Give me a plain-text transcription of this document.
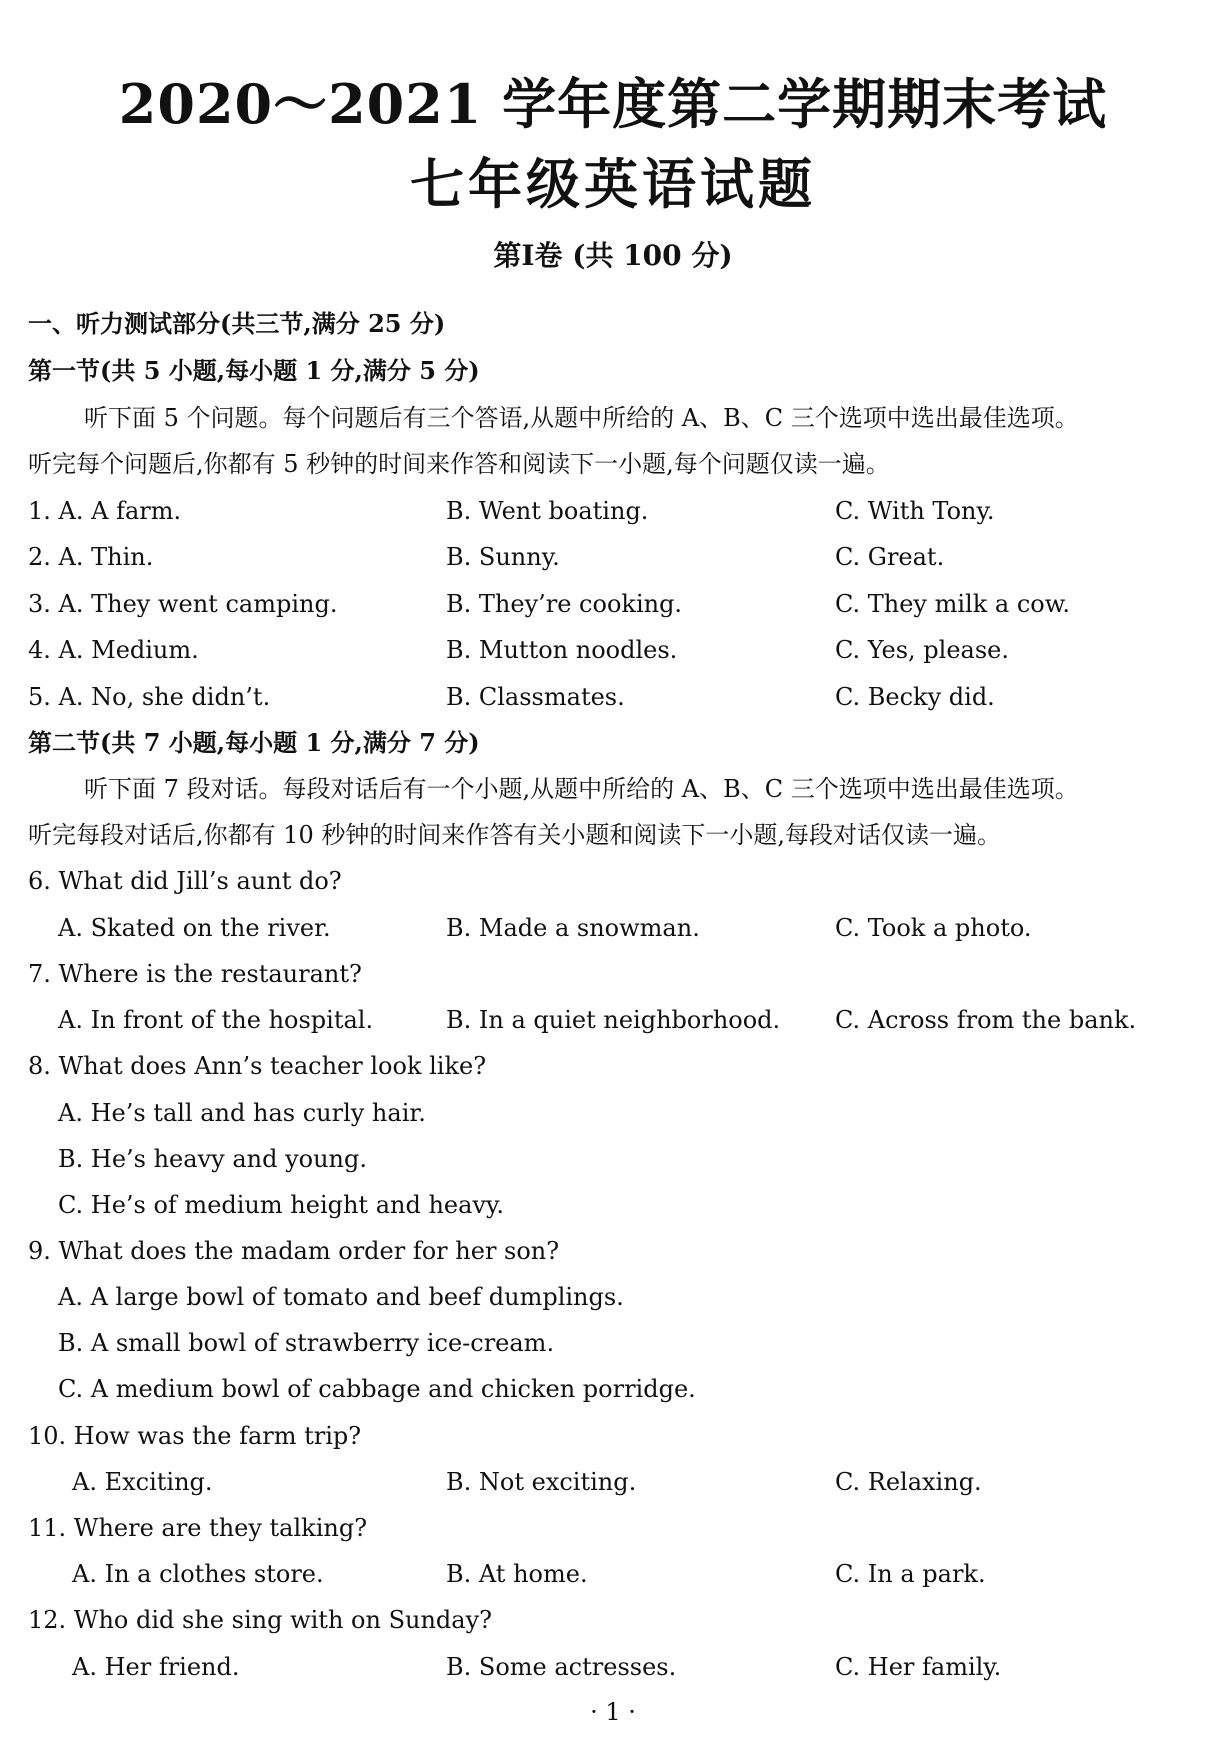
2020～2021 学年度第二学期期末考试
七年级英语试题
第Ⅰ卷 (共 100 分)
一、听力测试部分(共三节,满分 25 分)
第一节(共 5 小题,每小题 1 分,满分 5 分)
听下面 5 个问题。每个问题后有三个答语,从题中所给的 A、B、C 三个选项中选出最佳选项。
听完每个问题后,你都有 5 秒钟的时间来作答和阅读下一小题,每个问题仅读一遍。
1. A. A farm.	B. Went boating.	C. With Tony.
2. A. Thin.	B. Sunny.	C. Great.
3. A. They went camping.	B. They’re cooking.	C. They milk a cow.
4. A. Medium.	B. Mutton noodles.	C. Yes, please.
5. A. No, she didn’t.	B. Classmates.	C. Becky did.
第二节(共 7 小题,每小题 1 分,满分 7 分)
听下面 7 段对话。每段对话后有一个小题,从题中所给的 A、B、C 三个选项中选出最佳选项。
听完每段对话后,你都有 10 秒钟的时间来作答有关小题和阅读下一小题,每段对话仅读一遍。
6. What did Jill’s aunt do?
A. Skated on the river.	B. Made a snowman.	C. Took a photo.
7. Where is the restaurant?
A. In front of the hospital.	B. In a quiet neighborhood. C. Across from the bank.
8. What does Ann’s teacher look like?
A. He’s tall and has curly hair.
B. He’s heavy and young.
C. He’s of medium height and heavy.
9. What does the madam order for her son?
A. A large bowl of tomato and beef dumplings.
B. A small bowl of strawberry ice-cream.
C. A medium bowl of cabbage and chicken porridge.
10. How was the farm trip?
A. Exciting.	B. Not exciting.	C. Relaxing.
11. Where are they talking?
A. In a clothes store.	B. At home.	C. In a park.
12. Who did she sing with on Sunday?
A. Her friend.	B. Some actresses.	C. Her family.
· 1 ·
